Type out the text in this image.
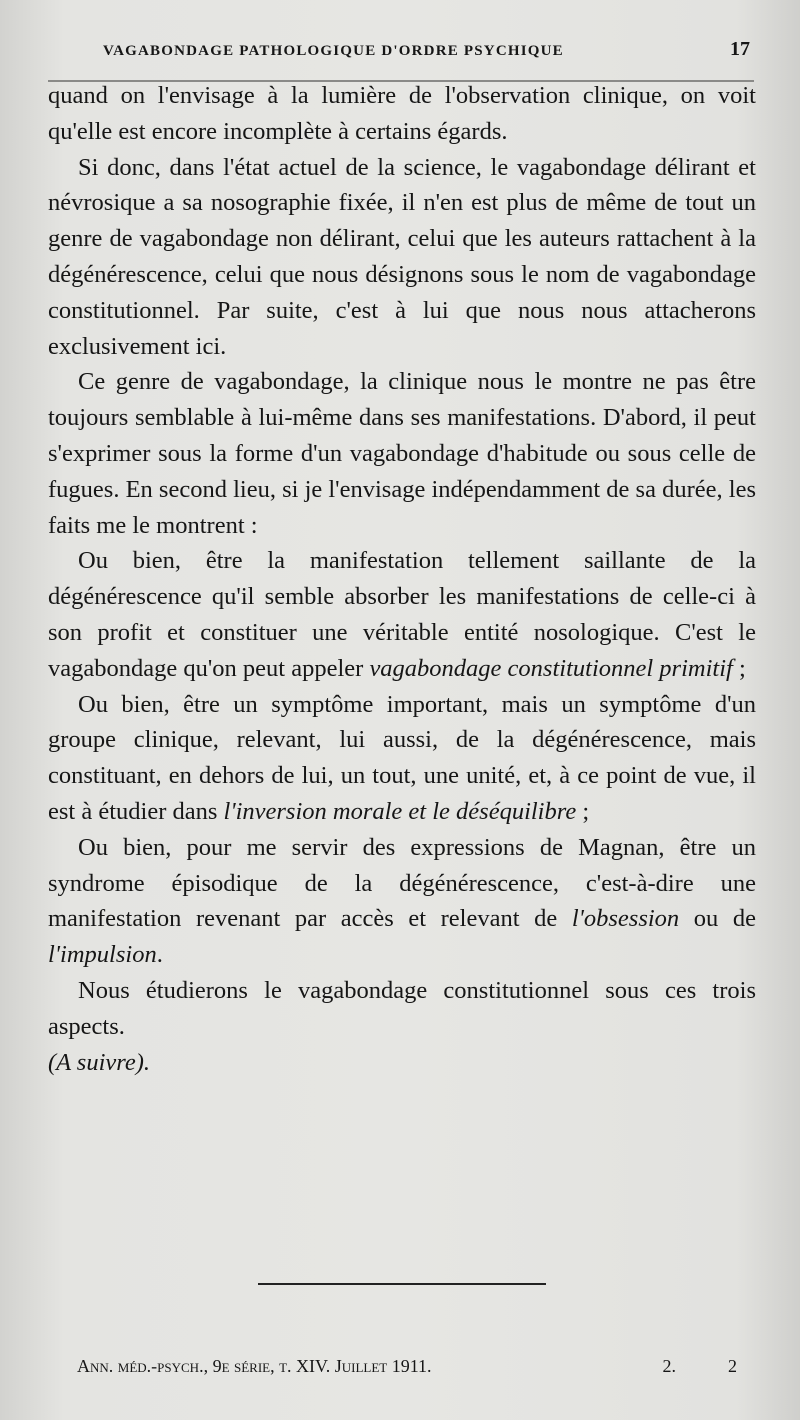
VAGABONDAGE PATHOLOGIQUE D'ORDRE PSYCHIQUE	17

quand on l'envisage à la lumière de l'observation clinique, on voit qu'elle est encore incomplète à certains égards.

Si donc, dans l'état actuel de la science, le vagabondage délirant et névrosique a sa nosographie fixée, il n'en est plus de même de tout un genre de vagabondage non délirant, celui que les auteurs rattachent à la dégénérescence, celui que nous désignons sous le nom de vagabondage constitutionnel. Par suite, c'est à lui que nous nous attacherons exclusivement ici.

Ce genre de vagabondage, la clinique nous le montre ne pas être toujours semblable à lui-même dans ses manifestations. D'abord, il peut s'exprimer sous la forme d'un vagabondage d'habitude ou sous celle de fugues. En second lieu, si je l'envisage indépendamment de sa durée, les faits me le montrent :

Ou bien, être la manifestation tellement saillante de la dégénérescence qu'il semble absorber les manifestations de celle-ci à son profit et constituer une véritable entité nosologique. C'est le vagabondage qu'on peut appeler vagabondage constitutionnel primitif ;

Ou bien, être un symptôme important, mais un symptôme d'un groupe clinique, relevant, lui aussi, de la dégénérescence, mais constituant, en dehors de lui, un tout, une unité, et, à ce point de vue, il est à étudier dans l'inversion morale et le déséquilibre ;

Ou bien, pour me servir des expressions de Magnan, être un syndrome épisodique de la dégénérescence, c'est-à-dire une manifestation revenant par accès et relevant de l'obsession ou de l'impulsion.

Nous étudierons le vagabondage constitutionnel sous ces trois aspects.

(A suivre).

Ann. méd.-psych., 9e série, t. XIV. Juillet 1911.	2.	2
